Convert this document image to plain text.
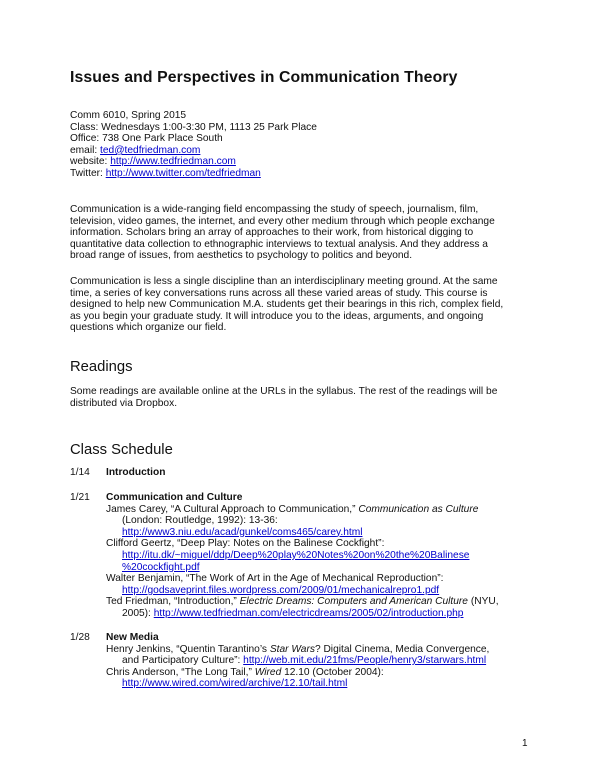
Issues and Perspectives in Communication Theory
Comm 6010, Spring 2015
Class: Wednesdays 1:00-3:30 PM, 1113 25 Park Place
Office: 738 One Park Place South
email: ted@tedfriedman.com
website: http://www.tedfriedman.com
Twitter: http://www.twitter.com/tedfriedman
Communication is a wide-ranging field encompassing the study of speech, journalism, film,
television, video games, the internet, and every other medium through which people exchange
information. Scholars bring an array of approaches to their work, from historical digging to
quantitative data collection to ethnographic interviews to textual analysis. And they address a
broad range of issues, from aesthetics to psychology to politics and beyond.
Communication is less a single discipline than an interdisciplinary meeting ground. At the same
time, a series of key conversations runs across all these varied areas of study. This course is
designed to help new Communication M.A. students get their bearings in this rich, complex field,
as you begin your graduate study. It will introduce you to the ideas, arguments, and ongoing
questions which organize our field.
Readings
Some readings are available online at the URLs in the syllabus. The rest of the readings will be
distributed via Dropbox.
Class Schedule
1/14 Introduction
1/21 Communication and Culture
James Carey, “A Cultural Approach to Communication,” Communication as Culture
(London: Routledge, 1992): 13-36:
http://www3.niu.edu/acad/gunkel/coms465/carey.html
Clifford Geertz, “Deep Play: Notes on the Balinese Cockfight”:
http://itu.dk/~miguel/ddp/Deep%20play%20Notes%20on%20the%20Balinese
%20cockfight.pdf
Walter Benjamin, “The Work of Art in the Age of Mechanical Reproduction”:
http://godsaveprint.files.wordpress.com/2009/01/mechanicalrepro1.pdf
Ted Friedman, “Introduction,” Electric Dreams: Computers and American Culture (NYU,
2005): http://www.tedfriedman.com/electricdreams/2005/02/introduction.php
1/28 New Media
Henry Jenkins, “Quentin Tarantino’s Star Wars? Digital Cinema, Media Convergence,
and Participatory Culture”: http://web.mit.edu/21fms/People/henry3/starwars.html
Chris Anderson, “The Long Tail,” Wired 12.10 (October 2004):
http://www.wired.com/wired/archive/12.10/tail.html
1
